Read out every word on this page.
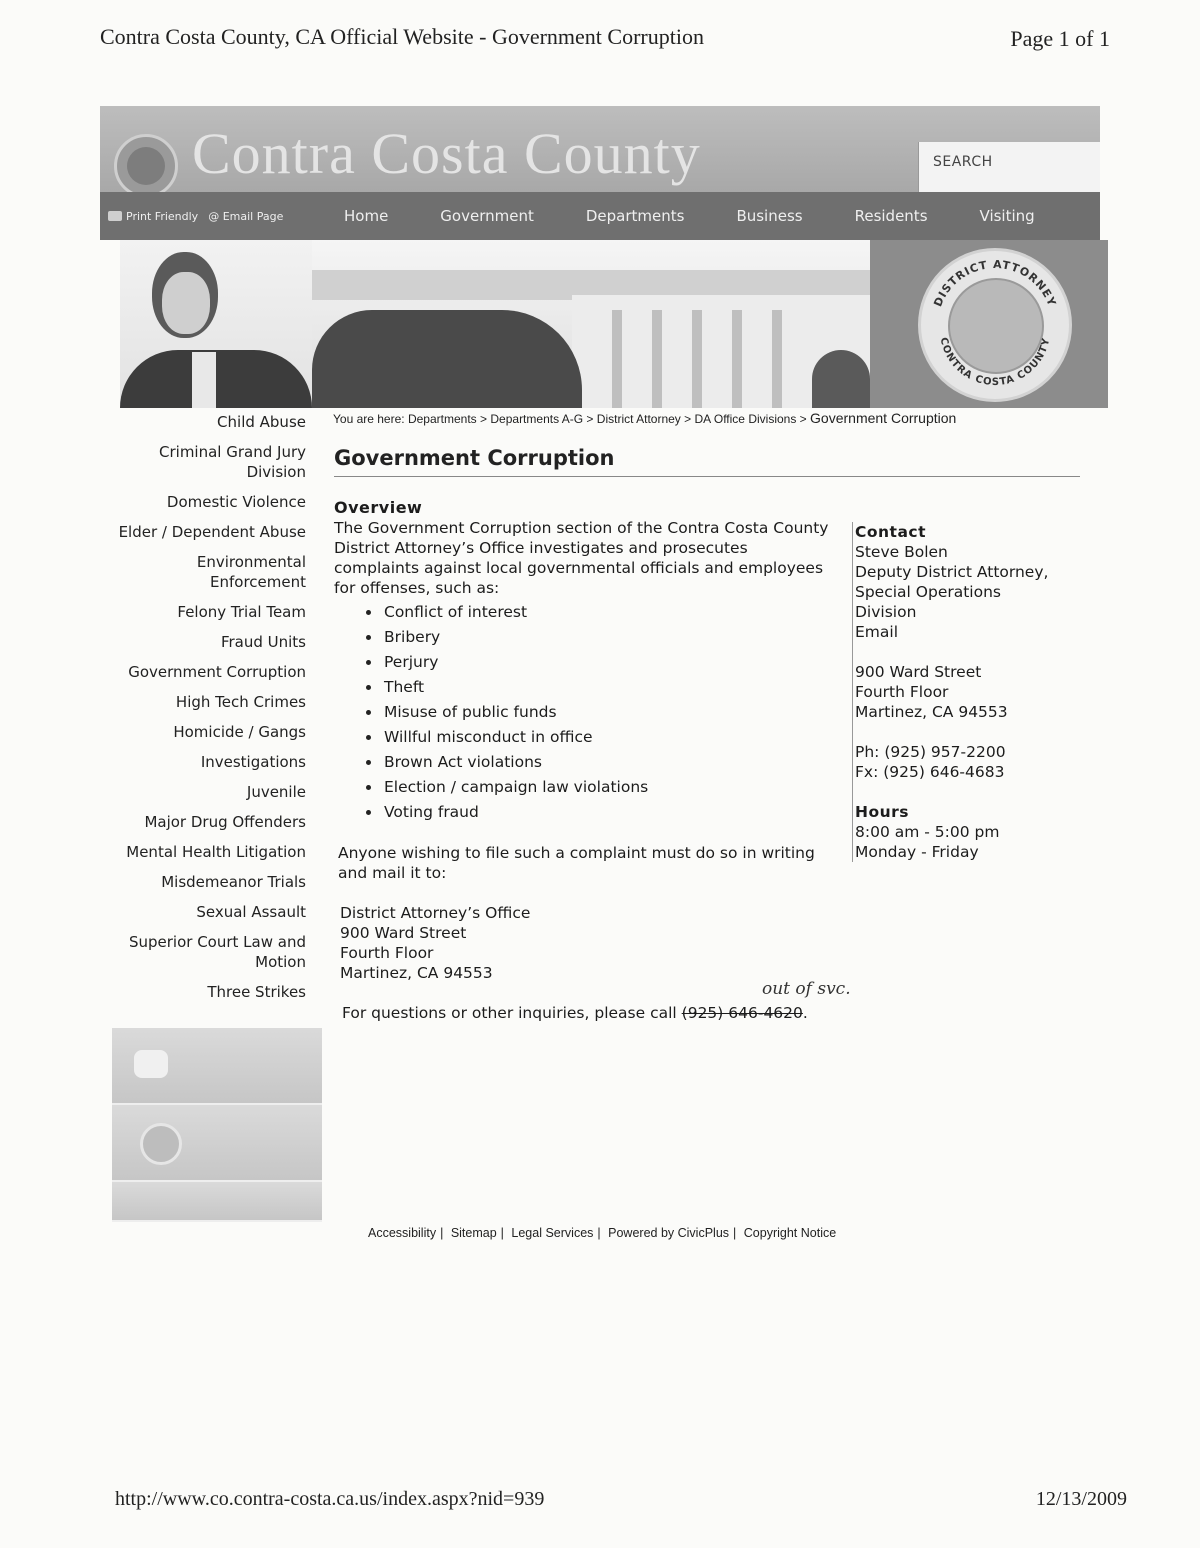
Contra Costa County, CA Official Website - Government Corruption	Page 1 of 1
Contra Costa County	SEARCH
Print Friendly @ Email Page	Home	Government	Departments	Business	Residents	Visiting
DISTRICT ATTORNEY
CONTRA COSTA COUNTY
Child Abuse
Criminal Grand Jury Division
Domestic Violence
Elder / Dependent Abuse
Environmental Enforcement
Felony Trial Team
Fraud Units
Government Corruption
High Tech Crimes
Homicide / Gangs
Investigations
Juvenile
Major Drug Offenders
Mental Health Litigation
Misdemeanor Trials
Sexual Assault
Superior Court Law and Motion
Three Strikes
You are here: Departments > Departments A-G > District Attorney > DA Office Divisions > Government Corruption
Government Corruption
Overview

The Government Corruption section of the Contra Costa County District Attorney’s Office investigates and prosecutes complaints against local governmental officials and employees for offenses, such as:

Conflict of interest
Bribery
Perjury
Theft
Misuse of public funds
Willful misconduct in office
Brown Act violations
Election / campaign law violations
Voting fraud

Anyone wishing to file such a complaint must do so in writing and mail it to:

District Attorney’s Office
900 Ward Street
Fourth Floor
Martinez, CA 94553
out of svc.
For questions or other inquiries, please call (925) 646-4620.
Contact
Steve Bolen
Deputy District Attorney,
Special Operations
Division
Email
900 Ward Street
Fourth Floor
Martinez, CA 94553
Ph: (925) 957-2200
Fx: (925) 646-4683
Hours
8:00 am - 5:00 pm
Monday - Friday
Accessibility | Sitemap | Legal Services | Powered by CivicPlus | Copyright Notice
http://www.co.contra-costa.ca.us/index.aspx?nid=939	12/13/2009
